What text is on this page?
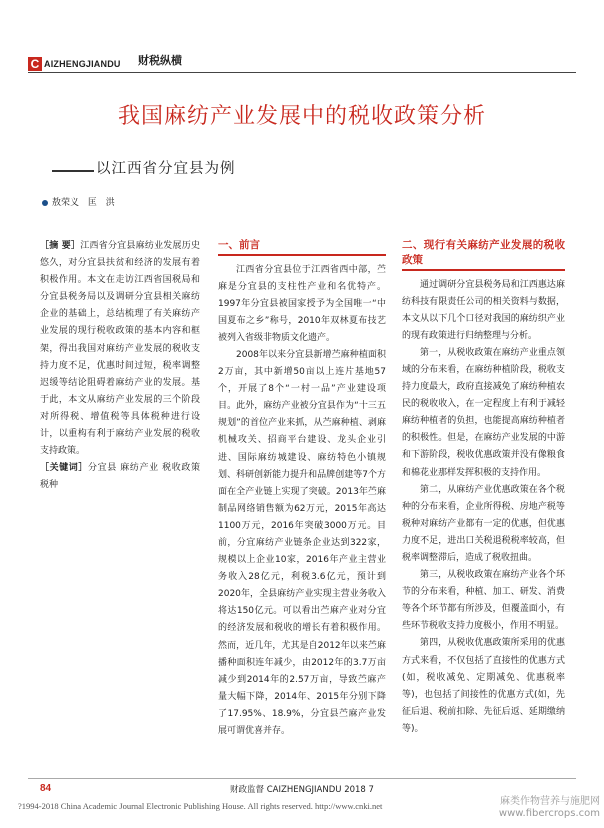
C AIZHENGJIANDU 财税纵横
我国麻纺产业发展中的税收政策分析
以江西省分宜县为例
敖荣义 匡 洪

［摘 要］江西省分宜县麻纺业发展历史悠久，对分宜县扶贫和经济的发展有着积极作用。本文在走访江西省国税局和分宜县税务局以及调研分宜县相关麻纺企业的基础上，总结梳理了有关麻纺产业发展的现行税收政策的基本内容和框架，得出我国对麻纺产业发展的税收支持力度不足，优惠时间过短，税率调整迟缓等结论阻碍着麻纺产业的发展。基于此，本文从麻纺产业发展的三个阶段对所得税、增值税等具体税种进行设计，以重构有利于麻纺产业发展的税收支持政策。

［关键词］分宜县 麻纺产业 税收政策 税种

一、前言

江西省分宜县位于江西省西中部，苎麻是分宜县的支柱性产业和名优特产。1997年分宜县被国家授予为全国唯一“中国夏布之乡”称号，2010年双林夏布技艺被列入省级非物质文化遗产。

2008年以来分宜县新增苎麻种植面积2万亩，其中新增50亩以上连片基地57个，开展了8个“一村一品”产业建设项目。此外，麻纺产业被分宜县作为“十三五规划”的首位产业来抓，从苎麻种植、剥麻机械攻关、招商平台建设、龙头企业引进、国际麻纺城建设、麻纺特色小镇规划、科研创新能力提升和品牌创建等7个方面在全产业链上实现了突破。2013年苎麻制品网络销售额为62万元，2015年高达1100万元，2016年突破3000万元。目前，分宜麻纺产业链条企业达到322家，规模以上企业10家，2016年产业主营业务收入28亿元，利税3.6亿元，预计到2020年，全县麻纺产业实现主营业务收入将达150亿元。可以看出苎麻产业对分宜的经济发展和税收的增长有着积极作用。然而，近几年，尤其是自2012年以来苎麻播种面积连年减少，由2012年的3.7万亩减少到2014年的2.57万亩，导致苎麻产量大幅下降，2014年、2015年分别下降了17.95%、18.9%，分宜县苎麻产业发展可谓优喜并存。

二、现行有关麻纺产业发展的税收政策

通过调研分宜县税务局和江西惠达麻纺科技有限责任公司的相关资料与数据，本文从以下几个口径对我国的麻纺织产业的现有政策进行归纳整理与分析。

第一，从税收政策在麻纺产业重点领域的分布来看，在麻纺种植阶段，税收支持力度最大，政府直接减免了麻纺种植农民的税收收入，在一定程度上有利于减轻麻纺种植者的负担，也能提高麻纺种植者的积极性。但是，在麻纺产业发展的中游和下游阶段，税收优惠政策并没有像粮食和棉花业那样发挥积极的支持作用。

第二，从麻纺产业优惠政策在各个税种的分布来看，企业所得税、房地产税等税种对麻纺产业都有一定的优惠，但优惠力度不足，进出口关税退税税率较高，但税率调整滞后，造成了税收扭曲。

第三，从税收政策在麻纺产业各个环节的分布来看，种植、加工、研发、消费等各个环节都有所涉及，但覆盖面小，有些环节税收支持力度极小，作用不明显。

第四，从税收优惠政策所采用的优惠方式来看，不仅包括了直接性的优惠方式(如，税收减免、定期减免、优惠税率等)，也包括了间接性的优惠方式(如，先征后退、税前扣除、先征后返、延期缴纳等)。

84	财政监督 CAIZHENGJIANDU 2018 7
?1994-2018 China Academic Journal Electronic Publishing House. All rights reserved. http://www.cnki.net	麻类作物营养与施肥网
www.fibercrops.com
